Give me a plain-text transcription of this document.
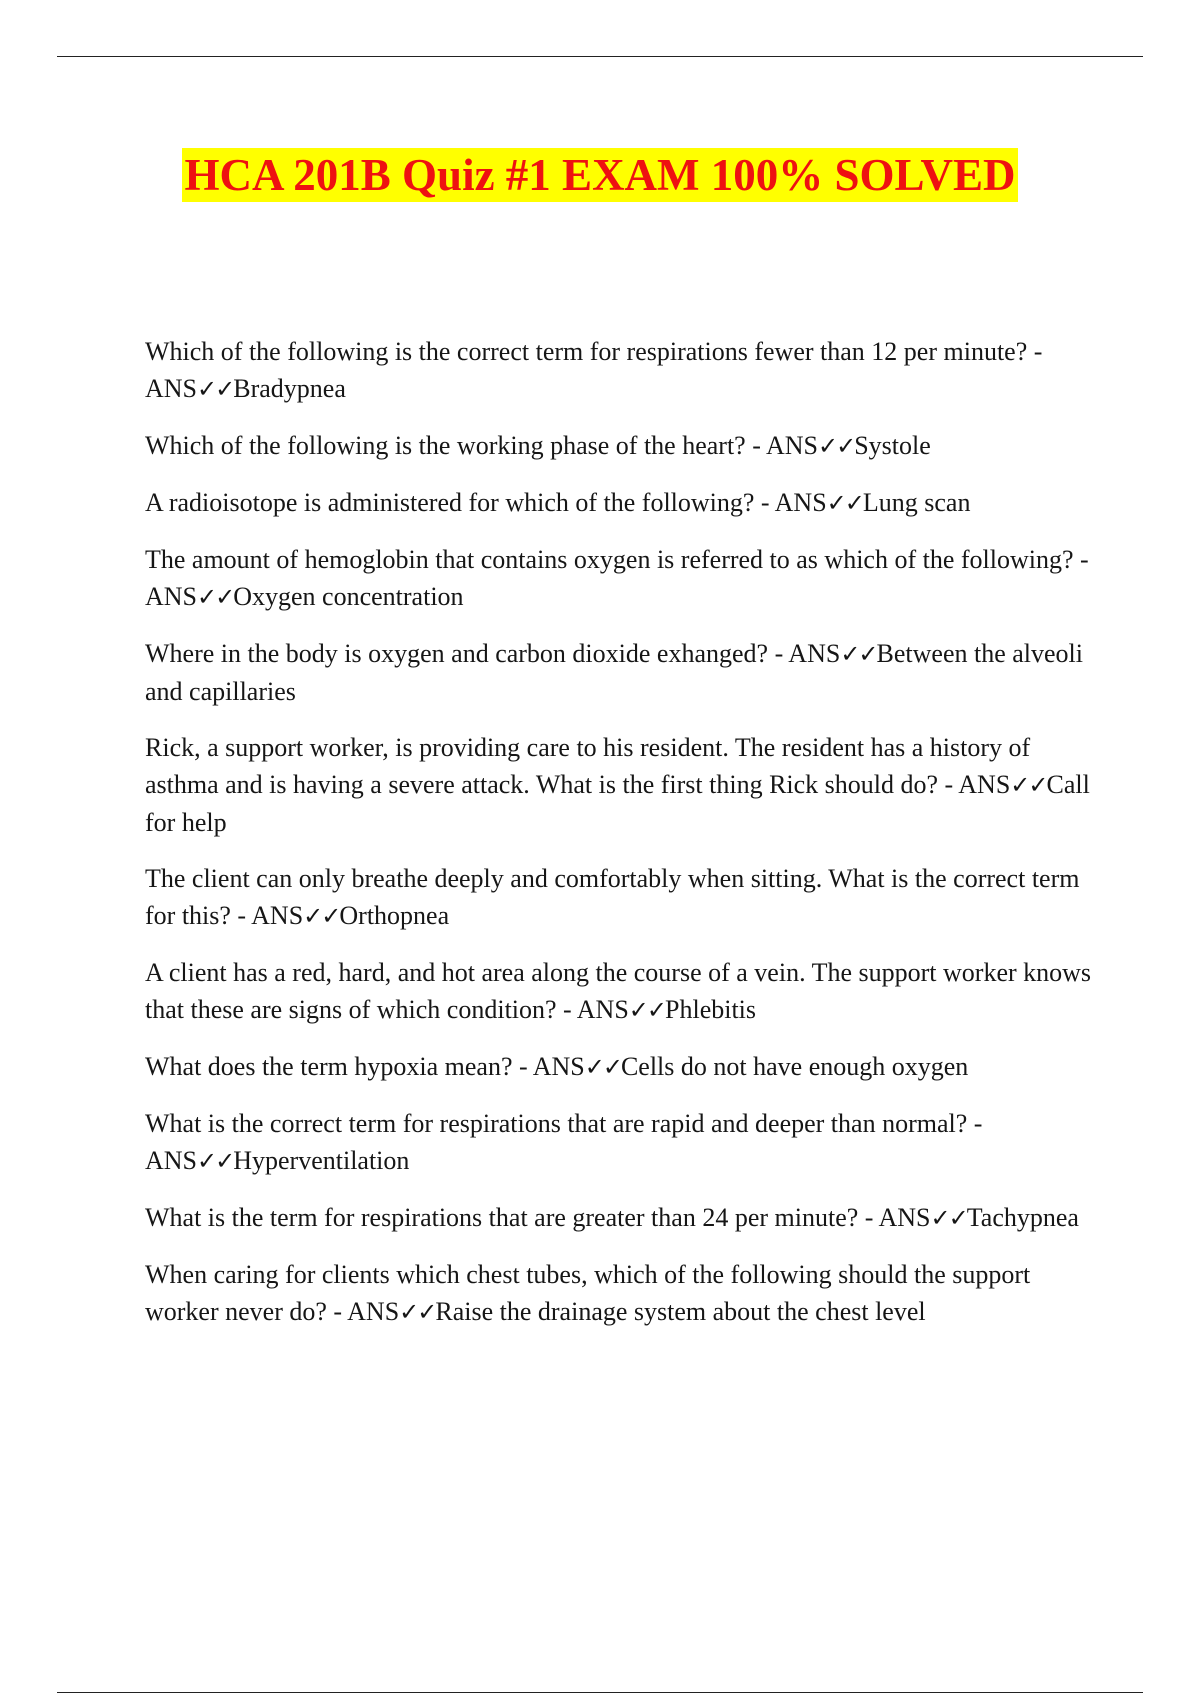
HCA 201B Quiz #1 EXAM 100% SOLVED

Which of the following is the correct term for respirations fewer than 12 per minute? - ANS✓✓Bradypnea

Which of the following is the working phase of the heart? - ANS✓✓Systole

A radioisotope is administered for which of the following? - ANS✓✓Lung scan

The amount of hemoglobin that contains oxygen is referred to as which of the following? - ANS✓✓Oxygen concentration

Where in the body is oxygen and carbon dioxide exhanged? - ANS✓✓Between the alveoli and capillaries

Rick, a support worker, is providing care to his resident. The resident has a history of asthma and is having a severe attack. What is the first thing Rick should do? - ANS✓✓Call for help

The client can only breathe deeply and comfortably when sitting. What is the correct term for this? - ANS✓✓Orthopnea

A client has a red, hard, and hot area along the course of a vein. The support worker knows that these are signs of which condition? - ANS✓✓Phlebitis

What does the term hypoxia mean? - ANS✓✓Cells do not have enough oxygen

What is the correct term for respirations that are rapid and deeper than normal? - ANS✓✓Hyperventilation

What is the term for respirations that are greater than 24 per minute? - ANS✓✓Tachypnea

When caring for clients which chest tubes, which of the following should the support worker never do? - ANS✓✓Raise the drainage system about the chest level
